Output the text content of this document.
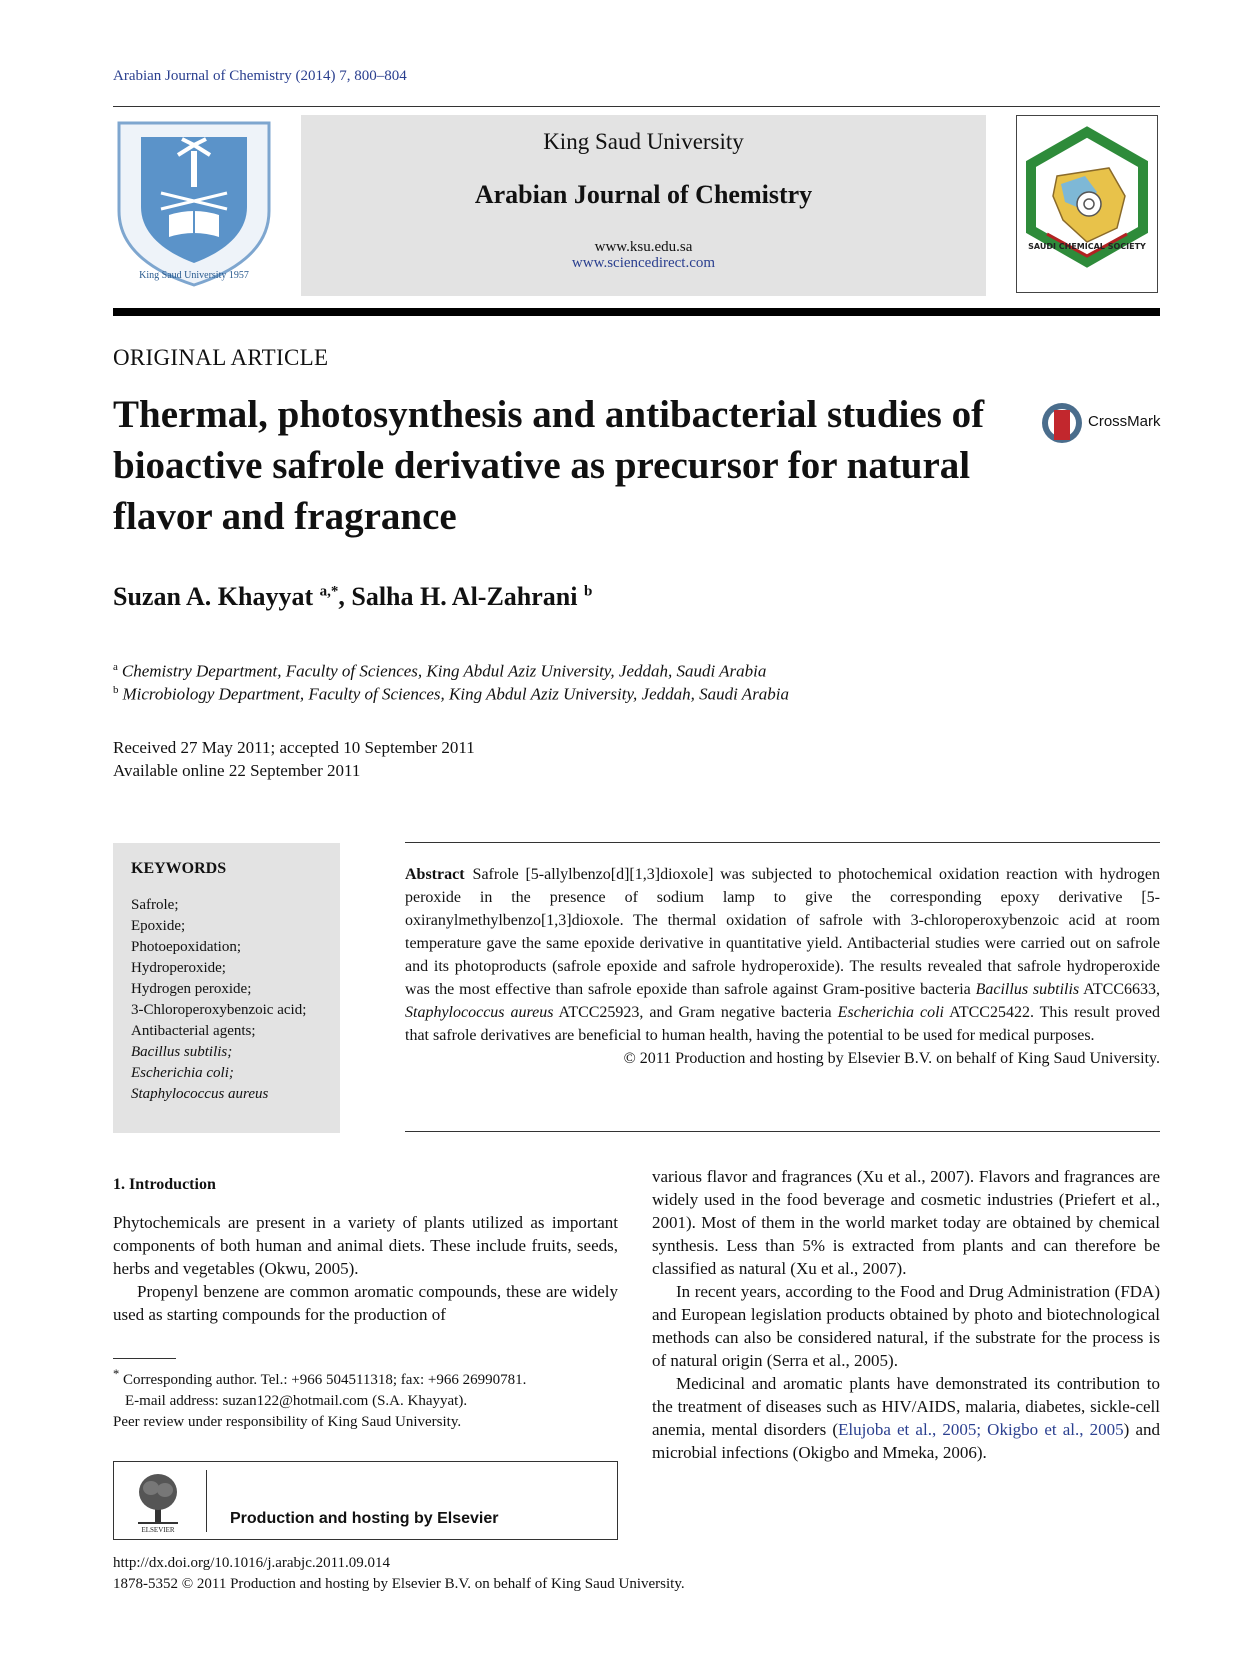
Arabian Journal of Chemistry (2014) 7, 800–804
King Saud University 1957
King Saud University
Arabian Journal of Chemistry
www.ksu.edu.sa
www.sciencedirect.com
SAUDI CHEMICAL SOCIETY
ORIGINAL ARTICLE
Thermal, photosynthesis and antibacterial studies of bioactive safrole derivative as precursor for natural flavor and fragrance
CrossMark
Suzan A. Khayyat $^{a,*}$, Salha H. Al-Zahrani $^b$
$^a$ Chemistry Department, Faculty of Sciences, King Abdul Aziz University, Jeddah, Saudi Arabia
$^b$ Microbiology Department, Faculty of Sciences, King Abdul Aziz University, Jeddah, Saudi Arabia
Received 27 May 2011; accepted 10 September 2011
Available online 22 September 2011
KEYWORDS
Safrole;
Epoxide;
Photoepoxidation;
Hydroperoxide;
Hydrogen peroxide;
3-Chloroperoxybenzoic acid;
Antibacterial agents;
Bacillus subtilis;
Escherichia coli;
Staphylococcus aureus
Abstract Safrole [5-allylbenzo[d][1,3]dioxole] was subjected to photochemical oxidation reaction with hydrogen peroxide in the presence of sodium lamp to give the corresponding epoxy derivative [5-oxiranylmethylbenzo[1,3]dioxole. The thermal oxidation of safrole with 3-chloroperoxybenzoic acid at room temperature gave the same epoxide derivative in quantitative yield. Antibacterial studies were carried out on safrole and its photoproducts (safrole epoxide and safrole hydroperoxide). The results revealed that safrole hydroperoxide was the most effective than safrole epoxide than safrole against Gram-positive bacteria Bacillus subtilis ATCC6633, Staphylococcus aureus ATCC25923, and Gram negative bacteria Escherichia coli ATCC25422. This result proved that safrole derivatives are beneficial to human health, having the potential to be used for medical purposes.
© 2011 Production and hosting by Elsevier B.V. on behalf of King Saud University.
1. Introduction

Phytochemicals are present in a variety of plants utilized as important components of both human and animal diets. These include fruits, seeds, herbs and vegetables (Okwu, 2005).

Propenyl benzene are common aromatic compounds, these are widely used as starting compounds for the production of

various flavor and fragrances (Xu et al., 2007). Flavors and fragrances are widely used in the food beverage and cosmetic industries (Priefert et al., 2001). Most of them in the world market today are obtained by chemical synthesis. Less than 5% is extracted from plants and can therefore be classified as natural (Xu et al., 2007).

In recent years, according to the Food and Drug Administration (FDA) and European legislation products obtained by photo and biotechnological methods can also be considered natural, if the substrate for the process is of natural origin (Serra et al., 2005).

Medicinal and aromatic plants have demonstrated its contribution to the treatment of diseases such as HIV/AIDS, malaria, diabetes, sickle-cell anemia, mental disorders (Elujoba et al., 2005; Okigbo et al., 2005) and microbial infections (Okigbo and Mmeka, 2006).

* Corresponding author. Tel.: +966 504511318; fax: +966 26990781.

E-mail address: suzan122@hotmail.com (S.A. Khayyat).

Peer review under responsibility of King Saud University.

ELSEVIER
Production and hosting by Elsevier
http://dx.doi.org/10.1016/j.arabjc.2011.09.014
1878-5352 © 2011 Production and hosting by Elsevier B.V. on behalf of King Saud University.
